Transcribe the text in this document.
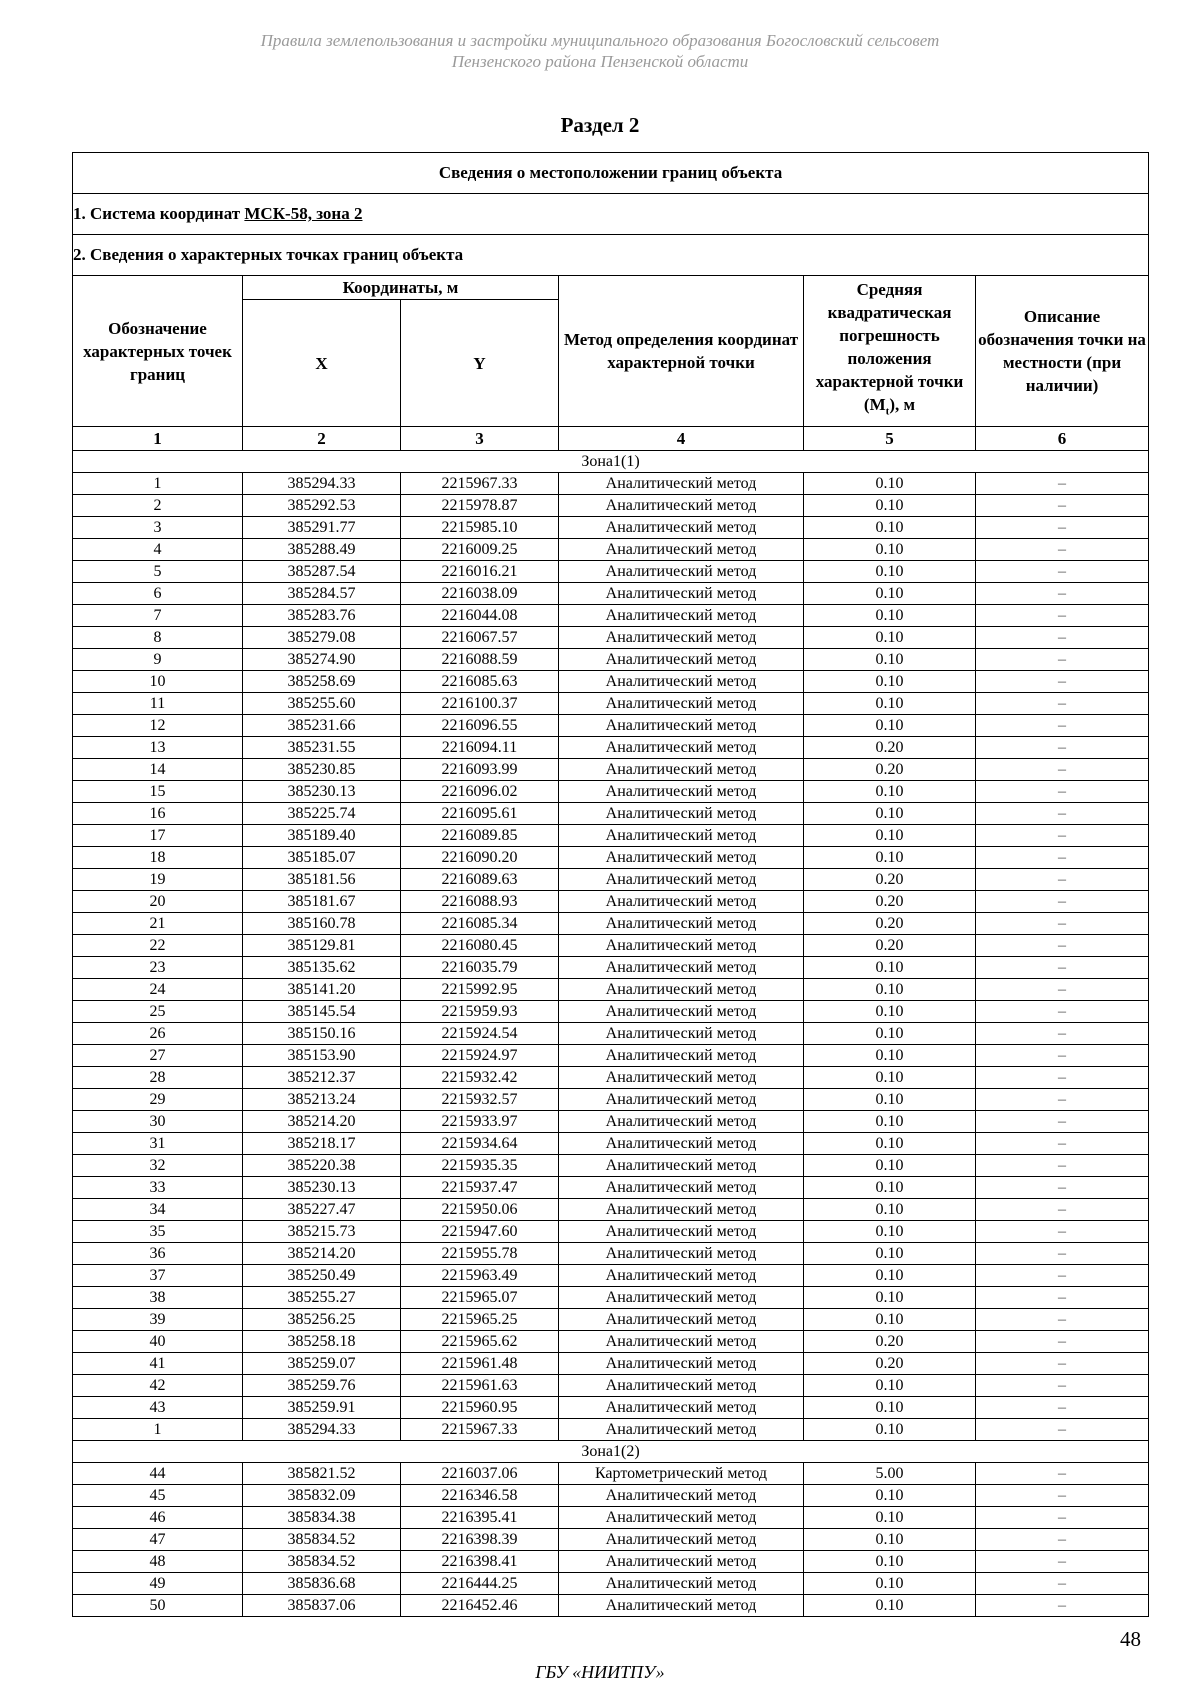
Правила землепользования и застройки муниципального образования Богословский сельсовет
Пензенского района Пензенской области
Раздел 2
Сведения о местоположении границ объекта					
1. Система координат МСК-58, зона 2					
2. Сведения о характерных точках границ объекта					
Обозначение характерных точек границ	Координаты, м		Метод определения координат характерной точки	Средняя квадратическая погрешность положения характерной точки $(M_t)$, м	Описание обозначения точки на местности (при наличии)
	X	Y			
1	2	3	4	5	6
Зона1(1)					
1	385294.33	2215967.33	Аналитический метод	0.10	–
2	385292.53	2215978.87	Аналитический метод	0.10	–
3	385291.77	2215985.10	Аналитический метод	0.10	–
4	385288.49	2216009.25	Аналитический метод	0.10	–
5	385287.54	2216016.21	Аналитический метод	0.10	–
6	385284.57	2216038.09	Аналитический метод	0.10	–
7	385283.76	2216044.08	Аналитический метод	0.10	–
8	385279.08	2216067.57	Аналитический метод	0.10	–
9	385274.90	2216088.59	Аналитический метод	0.10	–
10	385258.69	2216085.63	Аналитический метод	0.10	–
11	385255.60	2216100.37	Аналитический метод	0.10	–
12	385231.66	2216096.55	Аналитический метод	0.10	–
13	385231.55	2216094.11	Аналитический метод	0.20	–
14	385230.85	2216093.99	Аналитический метод	0.20	–
15	385230.13	2216096.02	Аналитический метод	0.10	–
16	385225.74	2216095.61	Аналитический метод	0.10	–
17	385189.40	2216089.85	Аналитический метод	0.10	–
18	385185.07	2216090.20	Аналитический метод	0.10	–
19	385181.56	2216089.63	Аналитический метод	0.20	–
20	385181.67	2216088.93	Аналитический метод	0.20	–
21	385160.78	2216085.34	Аналитический метод	0.20	–
22	385129.81	2216080.45	Аналитический метод	0.20	–
23	385135.62	2216035.79	Аналитический метод	0.10	–
24	385141.20	2215992.95	Аналитический метод	0.10	–
25	385145.54	2215959.93	Аналитический метод	0.10	–
26	385150.16	2215924.54	Аналитический метод	0.10	–
27	385153.90	2215924.97	Аналитический метод	0.10	–
28	385212.37	2215932.42	Аналитический метод	0.10	–
29	385213.24	2215932.57	Аналитический метод	0.10	–
30	385214.20	2215933.97	Аналитический метод	0.10	–
31	385218.17	2215934.64	Аналитический метод	0.10	–
32	385220.38	2215935.35	Аналитический метод	0.10	–
33	385230.13	2215937.47	Аналитический метод	0.10	–
34	385227.47	2215950.06	Аналитический метод	0.10	–
35	385215.73	2215947.60	Аналитический метод	0.10	–
36	385214.20	2215955.78	Аналитический метод	0.10	–
37	385250.49	2215963.49	Аналитический метод	0.10	–
38	385255.27	2215965.07	Аналитический метод	0.10	–
39	385256.25	2215965.25	Аналитический метод	0.10	–
40	385258.18	2215965.62	Аналитический метод	0.20	–
41	385259.07	2215961.48	Аналитический метод	0.20	–
42	385259.76	2215961.63	Аналитический метод	0.10	–
43	385259.91	2215960.95	Аналитический метод	0.10	–
1	385294.33	2215967.33	Аналитический метод	0.10	–
Зона1(2)					
44	385821.52	2216037.06	Картометрический метод	5.00	–
45	385832.09	2216346.58	Аналитический метод	0.10	–
46	385834.38	2216395.41	Аналитический метод	0.10	–
47	385834.52	2216398.39	Аналитический метод	0.10	–
48	385834.52	2216398.41	Аналитический метод	0.10	–
49	385836.68	2216444.25	Аналитический метод	0.10	–
50	385837.06	2216452.46	Аналитический метод	0.10	–
48
ГБУ «НИИТПУ»
